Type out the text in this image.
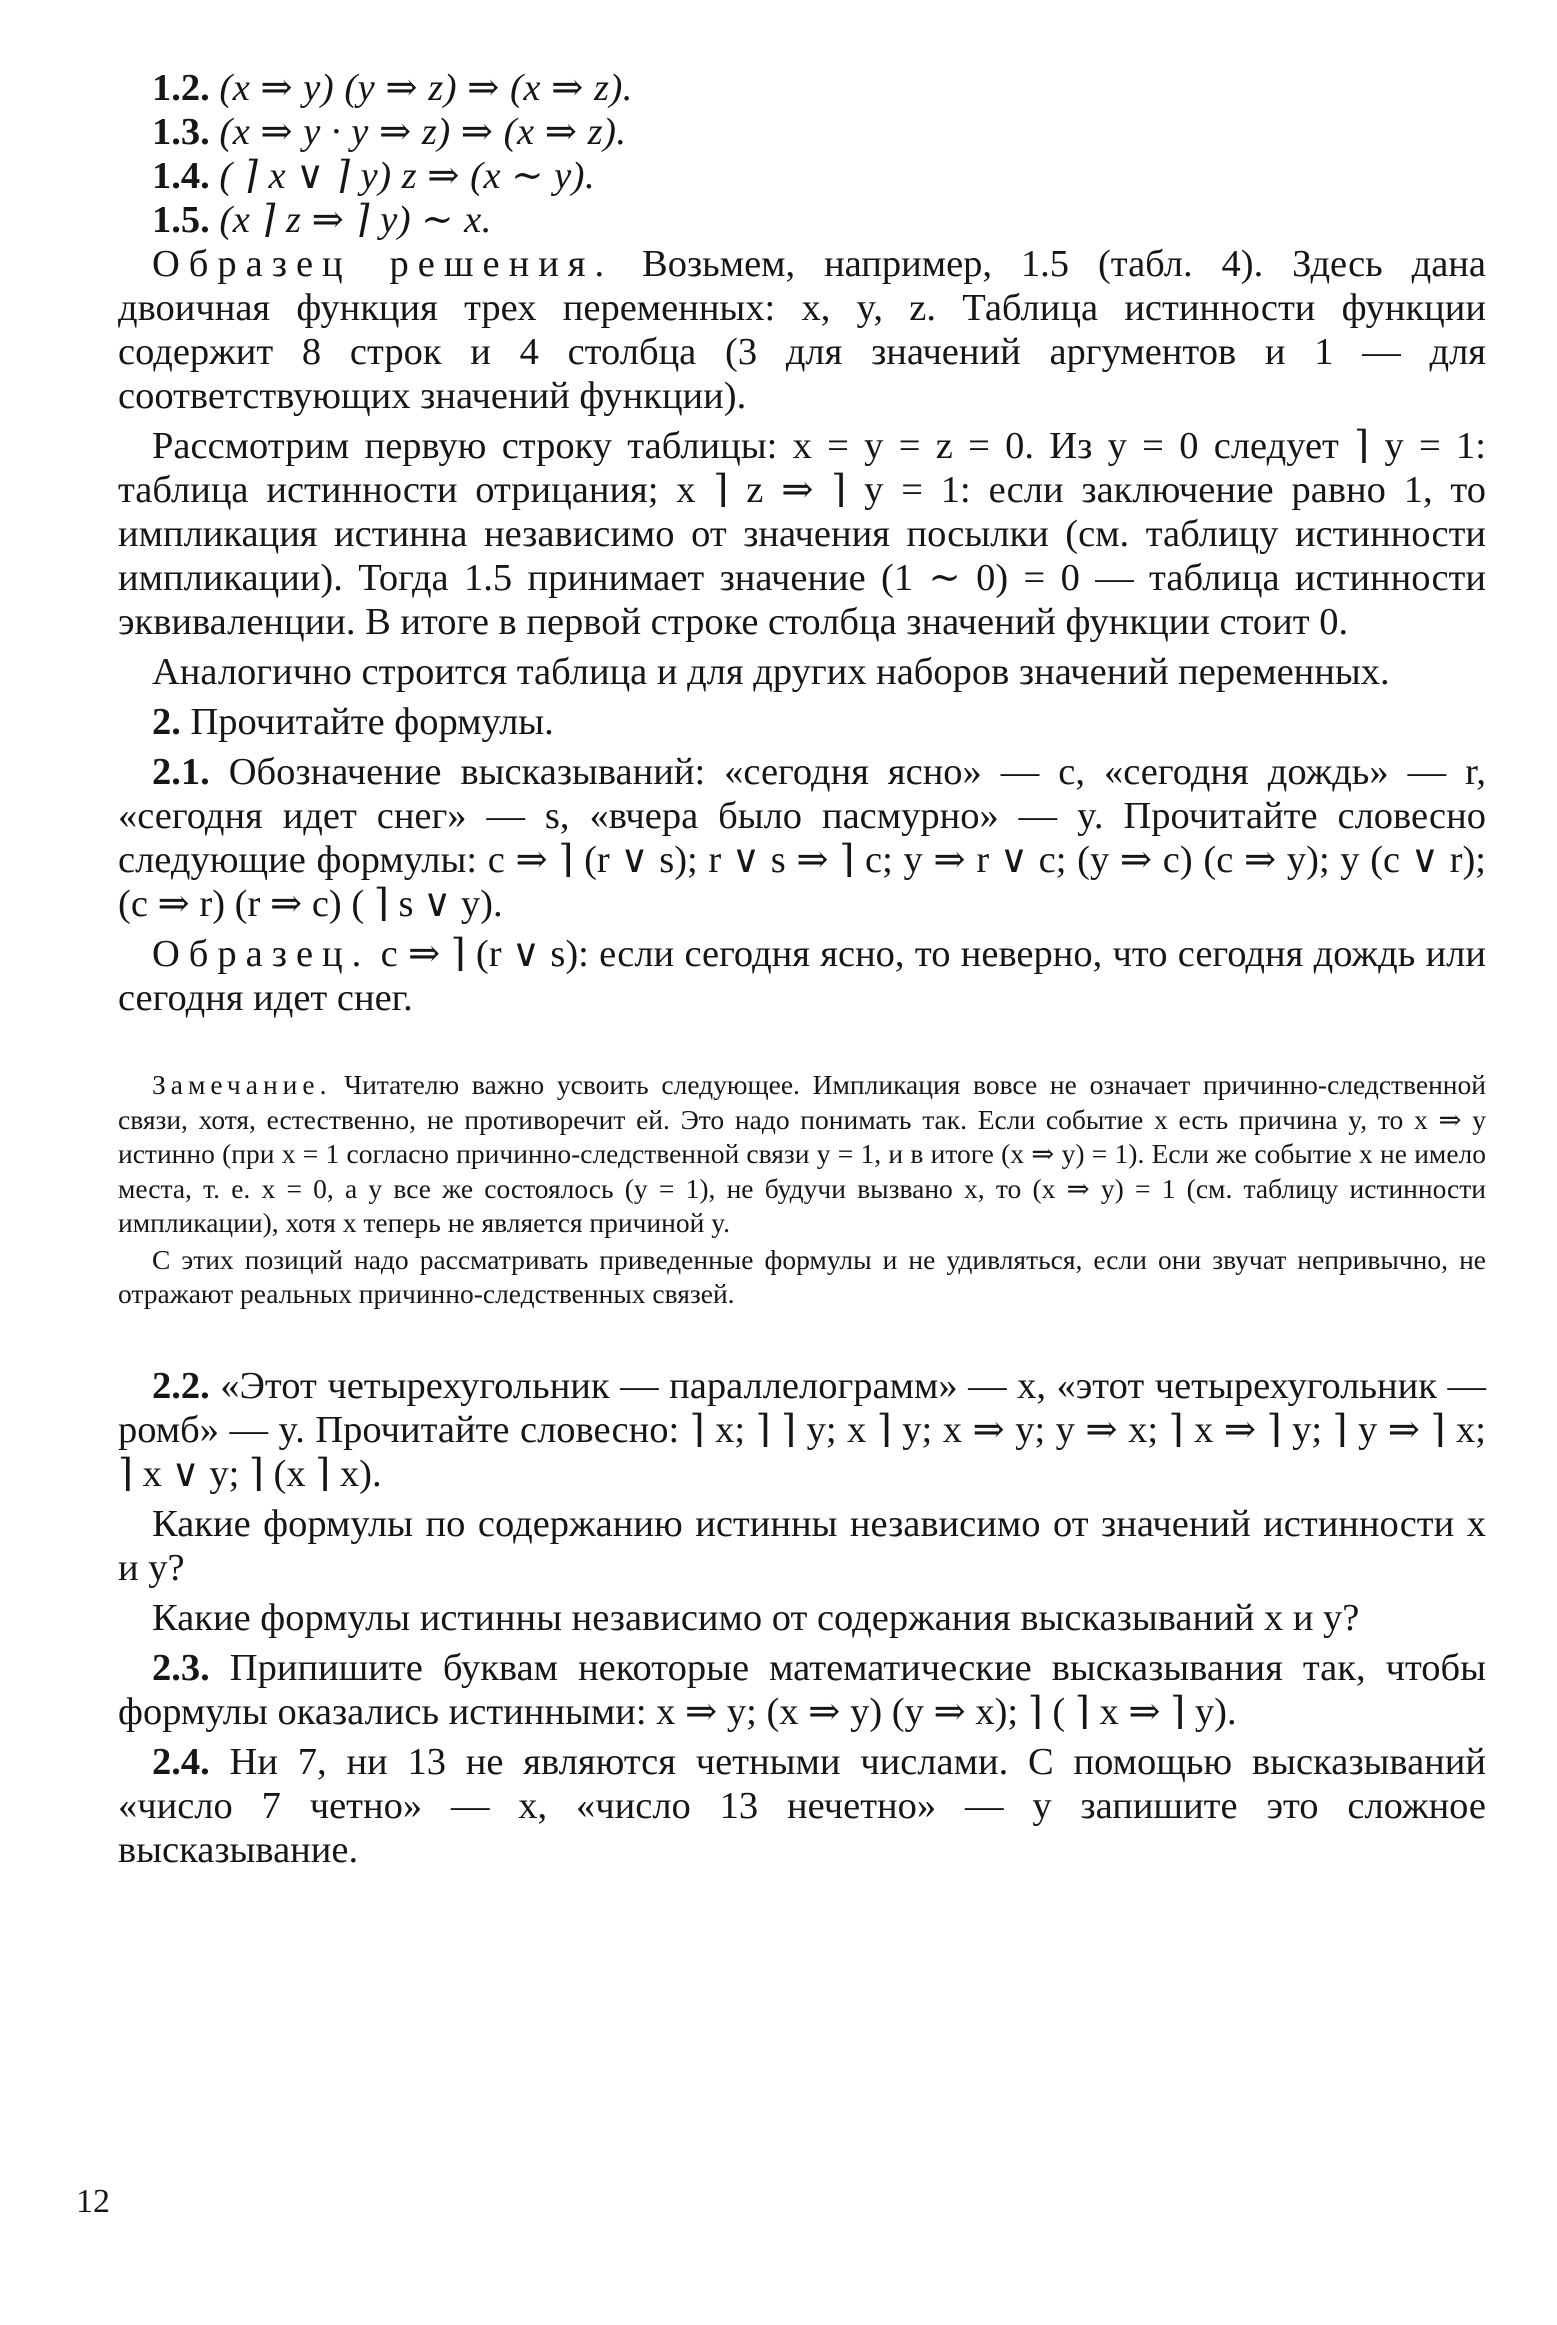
1.2. (x ⇒ y) (y ⇒ z) ⇒ (x ⇒ z).

1.3. (x ⇒ y · y ⇒ z) ⇒ (x ⇒ z).

1.4. ( ⌉ x ∨ ⌉ y) z ⇒ (x ∼ y).

1.5. (x ⌉ z ⇒ ⌉ y) ∼ x.

Образец решения. Возьмем, например, 1.5 (табл. 4). Здесь дана двоичная функция трех переменных: x, y, z. Таблица истинности функции содержит 8 строк и 4 столбца (3 для значений аргументов и 1 — для соответствующих значений функции).

Рассмотрим первую строку таблицы: x = y = z = 0. Из y = 0 следует ⌉ y = 1: таблица истинности отрицания; x ⌉ z ⇒ ⌉ y = 1: если заключение равно 1, то импликация истинна независимо от значения посылки (см. таблицу истинности импликации). Тогда 1.5 принимает значение (1 ∼ 0) = 0 — таблица истинности эквиваленции. В итоге в первой строке столбца значений функции стоит 0.

Аналогично строится таблица и для других наборов значений переменных.

2. Прочитайте формулы.

2.1. Обозначение высказываний: «сегодня ясно» — c, «сегодня дождь» — r, «сегодня идет снег» — s, «вчера было пасмурно» — y. Прочитайте словесно следующие формулы: c ⇒ ⌉ (r ∨ s); r ∨ s ⇒ ⌉ c; y ⇒ r ∨ c; (y ⇒ c) (c ⇒ y); y (c ∨ r); (c ⇒ r) (r ⇒ c) ( ⌉ s ∨ y).

Образец. c ⇒ ⌉ (r ∨ s): если сегодня ясно, то неверно, что сегодня дождь или сегодня идет снег.

Замечание. Читателю важно усвоить следующее. Импликация вовсе не означает причинно-следственной связи, хотя, естественно, не противоречит ей. Это надо понимать так. Если событие x есть причина y, то x ⇒ y истинно (при x = 1 согласно причинно-следственной связи y = 1, и в итоге (x ⇒ y) = 1). Если же событие x не имело места, т. е. x = 0, а y все же состоялось (y = 1), не будучи вызвано x, то (x ⇒ y) = 1 (см. таблицу истинности импликации), хотя x теперь не является причиной y.

С этих позиций надо рассматривать приведенные формулы и не удивляться, если они звучат непривычно, не отражают реальных причинно-следственных связей.

2.2. «Этот четырехугольник — параллелограмм» — x, «этот четырехугольник — ромб» — y. Прочитайте словесно: ⌉ x; ⌉ ⌉ y; x ⌉ y; x ⇒ y; y ⇒ x; ⌉ x ⇒ ⌉ y; ⌉ y ⇒ ⌉ x; ⌉ x ∨ y; ⌉ (x ⌉ x).

Какие формулы по содержанию истинны независимо от значений истинности x и y?

Какие формулы истинны независимо от содержания высказываний x и y?

2.3. Припишите буквам некоторые математические высказывания так, чтобы формулы оказались истинными: x ⇒ y; (x ⇒ y) (y ⇒ x); ⌉ ( ⌉ x ⇒ ⌉ y).

2.4. Ни 7, ни 13 не являются четными числами. С помощью высказываний «число 7 четно» — x, «число 13 нечетно» — y запишите это сложное высказывание.

12
